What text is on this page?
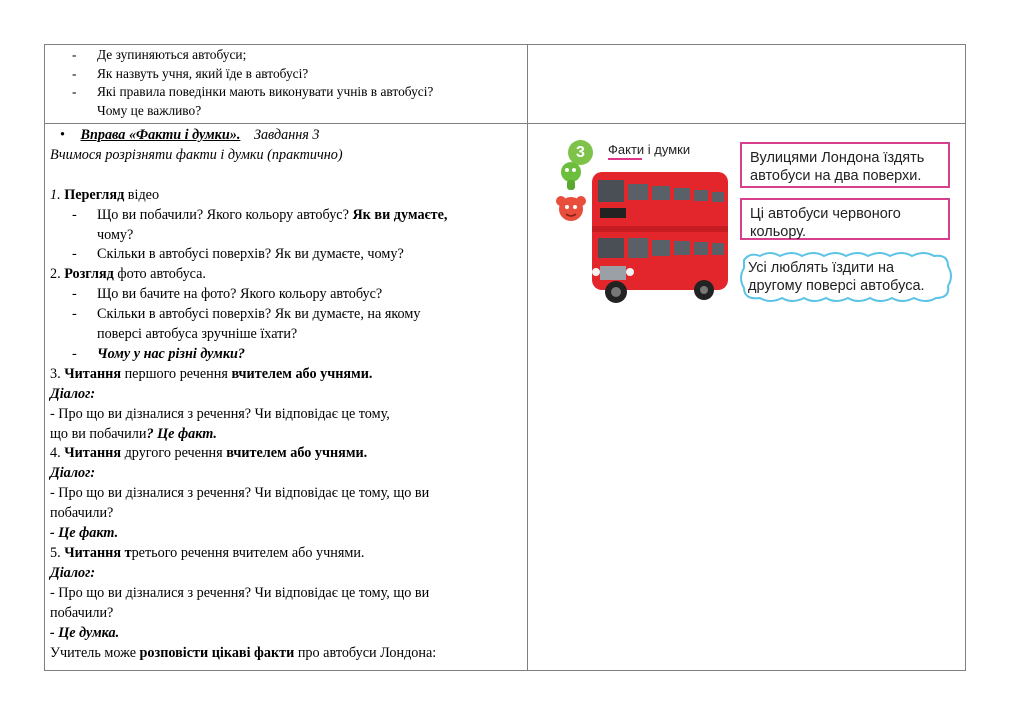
- Де зупиняються автобуси;
- Як назвуть учня, який їде в автобусі?
- Які правила поведінки мають виконувати учнів в автобусі?
Чому це важливо?
• Вправа «Факти і думки». Завдання 3
Вчимося розрізняти факти і думки (практично)
1. Перегляд відео
- Що ви побачили? Якого кольору автобус? Як ви думаєте,
чому?
- Скільки в автобусі поверхів? Як ви думаєте, чому?
2. Розгляд фото автобуса.
- Що ви бачите на фото? Якого кольору автобус?
- Скільки в автобусі поверхів? Як ви думаєте, на якому
поверсі автобуса зручніше їхати?
- Чому у нас різні думки?
3. Читання першого речення вчителем або учнями.
Діалог:
- Про що ви дізналися з речення? Чи відповідає це тому,
що ви побачили? Це факт.
4. Читання другого речення вчителем або учнями.
Діалог:
- Про що ви дізналися з речення? Чи відповідає це тому, що ви
побачили?
- Це факт.
5. Читання третього речення вчителем або учнями.
Діалог:
- Про що ви дізналися з речення? Чи відповідає це тому, що ви
побачили?
- Це думка.
Учитель може розповісти цікаві факти про автобуси Лондона:
3	Факти і думки
Вулицями Лондона їздять
автобуси на два поверхи.
Ці автобуси червоного
кольору.
Усі люблять їздити на
другому поверсі автобуса.
